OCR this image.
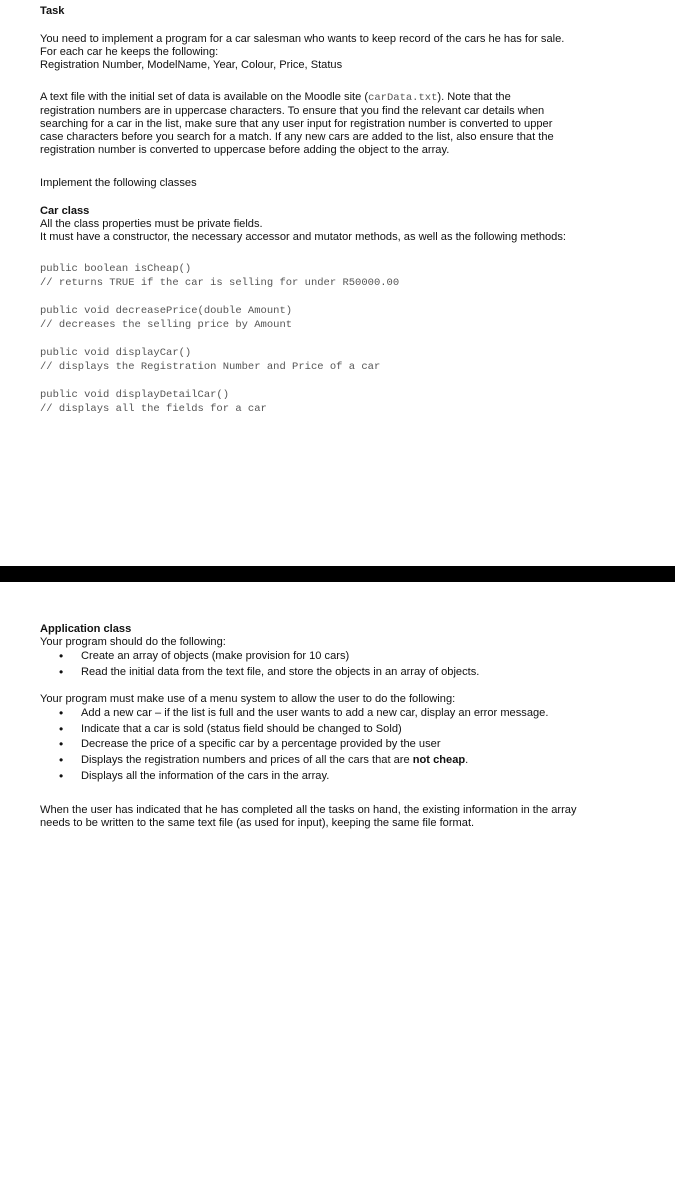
Task

You need to implement a program for a car salesman who wants to keep record of the cars he has for sale.

For each car he keeps the following:

Registration Number, ModelName, Year, Colour, Price, Status

A text file with the initial set of data is available on the Moodle site (carData.txt). Note that the

registration numbers are in uppercase characters. To ensure that you find the relevant car details when

searching for a car in the list, make sure that any user input for registration number is converted to upper

case characters before you search for a match. If any new cars are added to the list, also ensure that the

registration number is converted to uppercase before adding the object to the array.

Implement the following classes

Car class

All the class properties must be private fields.

It must have a constructor, the necessary accessor and mutator methods, as well as the following methods:

public boolean isCheap()

// returns TRUE if the car is selling for under R50000.00

public void decreasePrice(double Amount)

// decreases the selling price by Amount

public void displayCar()

// displays the Registration Number and Price of a car

public void displayDetailCar()

// displays all the fields for a car

Application class

Your program should do the following:

• Create an array of objects (make provision for 10 cars)
• Read the initial data from the text file, and store the objects in an array of objects.

Your program must make use of a menu system to allow the user to do the following:

• Add a new car – if the list is full and the user wants to add a new car, display an error message.
• Indicate that a car is sold (status field should be changed to Sold)
• Decrease the price of a specific car by a percentage provided by the user
• Displays the registration numbers and prices of all the cars that are not cheap.
• Displays all the information of the cars in the array.

When the user has indicated that he has completed all the tasks on hand, the existing information in the array

needs to be written to the same text file (as used for input), keeping the same file format.
